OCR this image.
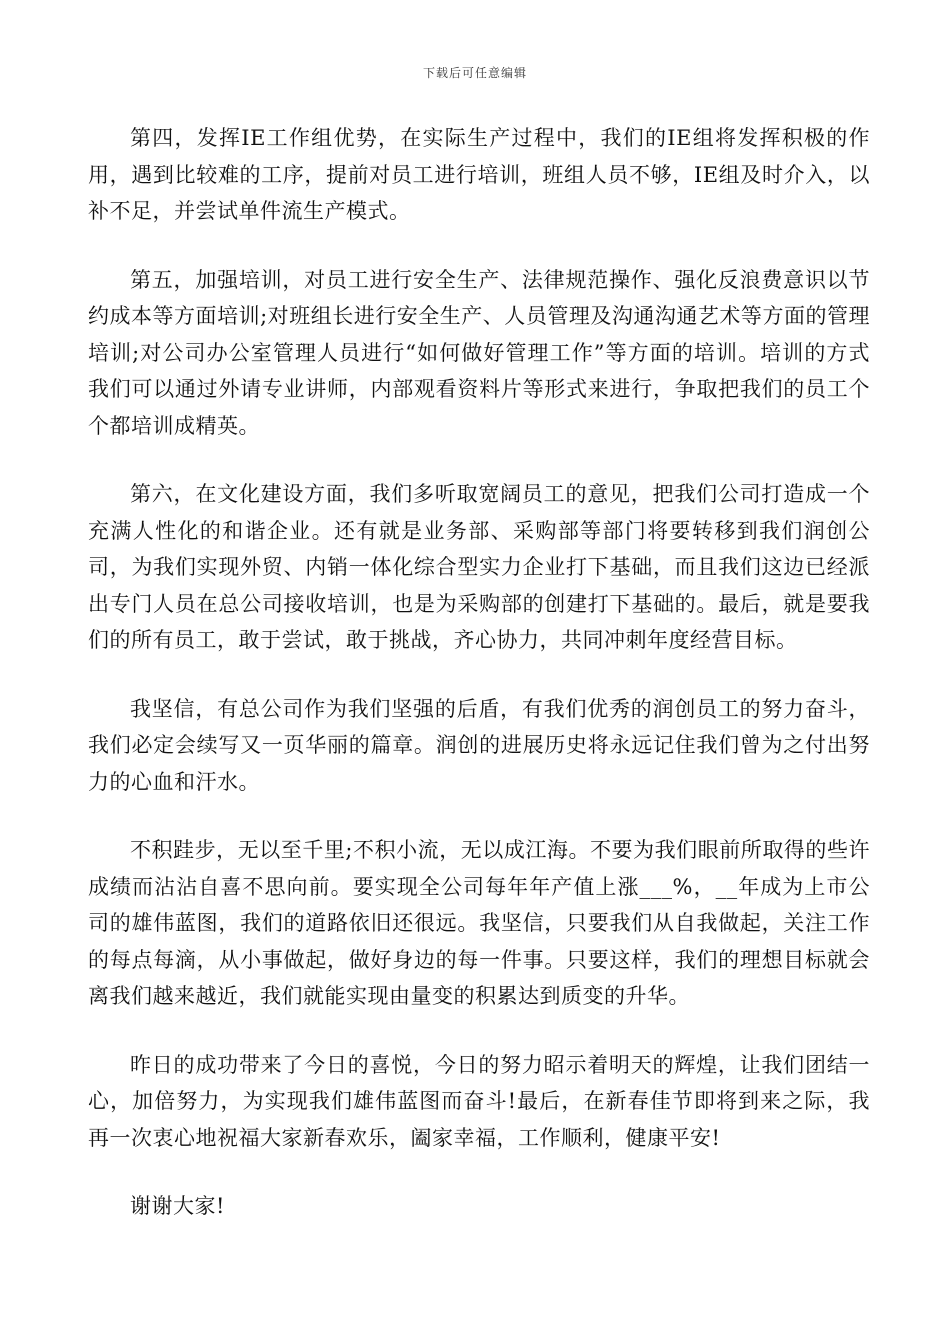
下载后可任意编辑

第四，发挥IE工作组优势，在实际生产过程中，我们的IE组将发挥积极的作用，遇到比较难的工序，提前对员工进行培训，班组人员不够，IE组及时介入，以补不足，并尝试单件流生产模式。

第五，加强培训，对员工进行安全生产、法律规范操作、强化反浪费意识以节约成本等方面培训;对班组长进行安全生产、人员管理及沟通沟通艺术等方面的管理培训;对公司办公室管理人员进行“如何做好管理工作”等方面的培训。培训的方式我们可以通过外请专业讲师，内部观看资料片等形式来进行，争取把我们的员工个个都培训成精英。

第六，在文化建设方面，我们多听取宽阔员工的意见，把我们公司打造成一个充满人性化的和谐企业。还有就是业务部、采购部等部门将要转移到我们润创公司，为我们实现外贸、内销一体化综合型实力企业打下基础，而且我们这边已经派出专门人员在总公司接收培训，也是为采购部的创建打下基础的。最后，就是要我们的所有员工，敢于尝试，敢于挑战，齐心协力，共同冲刺年度经营目标。

我坚信，有总公司作为我们坚强的后盾，有我们优秀的润创员工的努力奋斗，我们必定会续写又一页华丽的篇章。润创的进展历史将永远记住我们曾为之付出努力的心血和汗水。

不积跬步，无以至千里;不积小流，无以成江海。不要为我们眼前所取得的些许成绩而沾沾自喜不思向前。要实现全公司每年年产值上涨___%，__年成为上市公司的雄伟蓝图，我们的道路依旧还很远。我坚信，只要我们从自我做起，关注工作的每点每滴，从小事做起，做好身边的每一件事。只要这样，我们的理想目标就会离我们越来越近，我们就能实现由量变的积累达到质变的升华。

昨日的成功带来了今日的喜悦，今日的努力昭示着明天的辉煌，让我们团结一心，加倍努力，为实现我们雄伟蓝图而奋斗!最后，在新春佳节即将到来之际，我再一次衷心地祝福大家新春欢乐，阖家幸福，工作顺利，健康平安!

谢谢大家!
